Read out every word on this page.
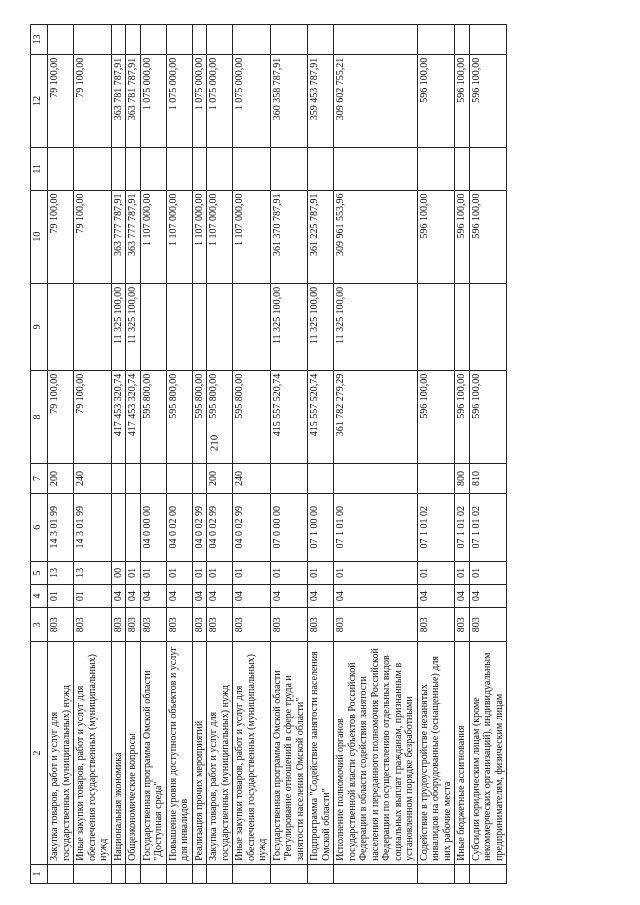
210
1	2	3	4	5	6	7	8	9	10	11	12	13
	Закупка товаров, работ и услуг для государственных (муниципальных) нужд	803	01	13	14 3 01 99	200	79 100,00		79 100,00		79 100,00	
	Иные закупки товаров, работ и услуг для обеспечения государственных (муниципальных) нужд	803	01	13	14 3 01 99	240	79 100,00		79 100,00		79 100,00	
	Национальная экономика	803	04	00			417 453 320,74	11 325 100,00	363 777 787,91		363 781 787,91	
	Общеэкономические вопросы	803	04	01			417 453 320,74	11 325 100,00	363 777 787,91		363 781 787,91	
	Государственная программа Омской области "Доступная среда"	803	04	01	04 0 00 00		595 800,00		1 107 000,00		1 075 000,00	
	Повышение уровня доступности объектов и услуг для инвалидов	803	04	01	04 0 02 00		595 800,00		1 107 000,00		1 075 000,00	
	Реализация прочих мероприятий	803	04	01	04 0 02 99		595 800,00		1 107 000,00		1 075 000,00	
	Закупка товаров, работ и услуг для государственных (муниципальных) нужд	803	04	01	04 0 02 99	200	595 800,00		1 107 000,00		1 075 000,00	
	Иные закупки товаров, работ и услуг для обеспечения государственных (муниципальных) нужд	803	04	01	04 0 02 99	240	595 800,00		1 107 000,00		1 075 000,00	
	Государственная программа Омской области "Регулирование отношений в сфере труда и занятости населения Омской области"	803	04	01	07 0 00 00		415 557 520,74	11 325 100,00	361 370 787,91		360 358 787,91	
	Подпрограмма "Содействие занятости населения Омской области"	803	04	01	07 1 00 00		415 557 520,74	11 325 100,00	361 225 787,91		359 453 787,91	
	Исполнение полномочий органов государственной власти субъектов Российской Федерации в области содействия занятости населения и переданного полномочия Российской Федерации по осуществлению отдельных видов социальных выплат гражданам, признанным в установленном порядке безработными	803	04	01	07 1 01 00		361 782 279,29	11 325 100,00	309 961 553,96		309 602 755,21	
	Содействие в трудоустройстве незанятых инвалидов на оборудованные (оснащенные) для них рабочие места	803	04	01	07 1 01 02		596 100,00		596 100,00		596 100,00	
	Иные бюджетные ассигнования	803	04	01	07 1 01 02	800	596 100,00		596 100,00		596 100,00	
	Субсидии юридическим лицам (кроме некоммерческих организаций), индивидуальным предпринимателям, физическим лицам	803	04	01	07 1 01 02	810	596 100,00		596 100,00		596 100,00	
